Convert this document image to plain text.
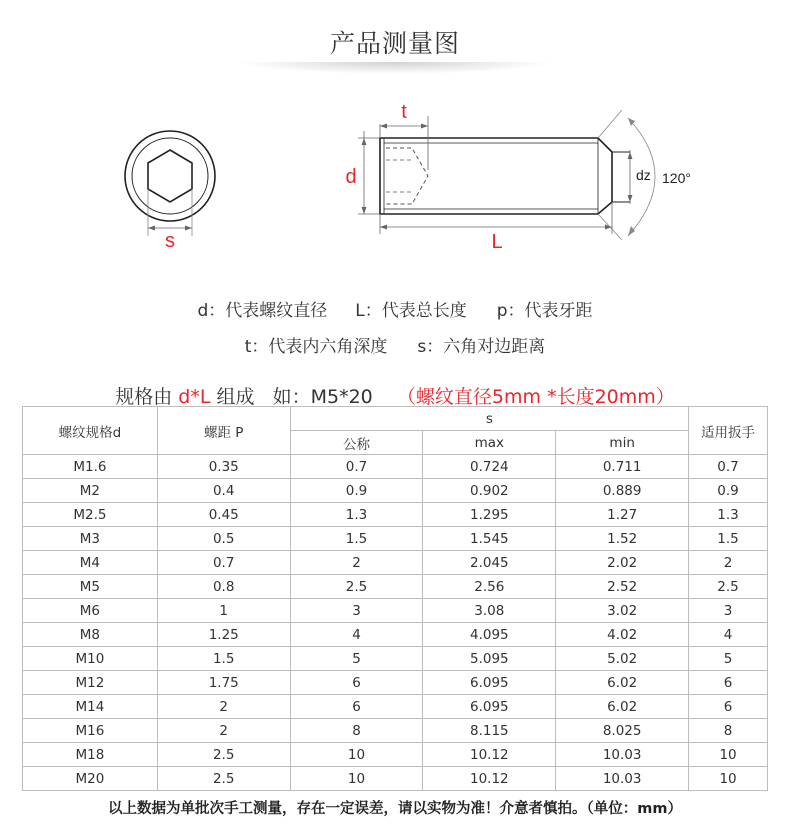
产品测量图
s
t
d
L
dz 120°
d：代表螺纹直径 L：代表总长度 p：代表牙距
t：代表内六角深度 s：六角对边距离
规格由 d*L 组成   如：M5*20    （螺纹直径5mm *长度20mm）
螺纹规格d	螺距 P	s			适用扳手
		公称	max	min	
M1.6	0.35	0.7	0.724	0.711	0.7
M2	0.4	0.9	0.902	0.889	0.9
M2.5	0.45	1.3	1.295	1.27	1.3
M3	0.5	1.5	1.545	1.52	1.5
M4	0.7	2	2.045	2.02	2
M5	0.8	2.5	2.56	2.52	2.5
M6	1	3	3.08	3.02	3
M8	1.25	4	4.095	4.02	4
M10	1.5	5	5.095	5.02	5
M12	1.75	6	6.095	6.02	6
M14	2	6	6.095	6.02	6
M16	2	8	8.115	8.025	8
M18	2.5	10	10.12	10.03	10
M20	2.5	10	10.12	10.03	10
以上数据为单批次手工测量，存在一定误差，请以实物为准！介意者慎拍。（单位：mm）
